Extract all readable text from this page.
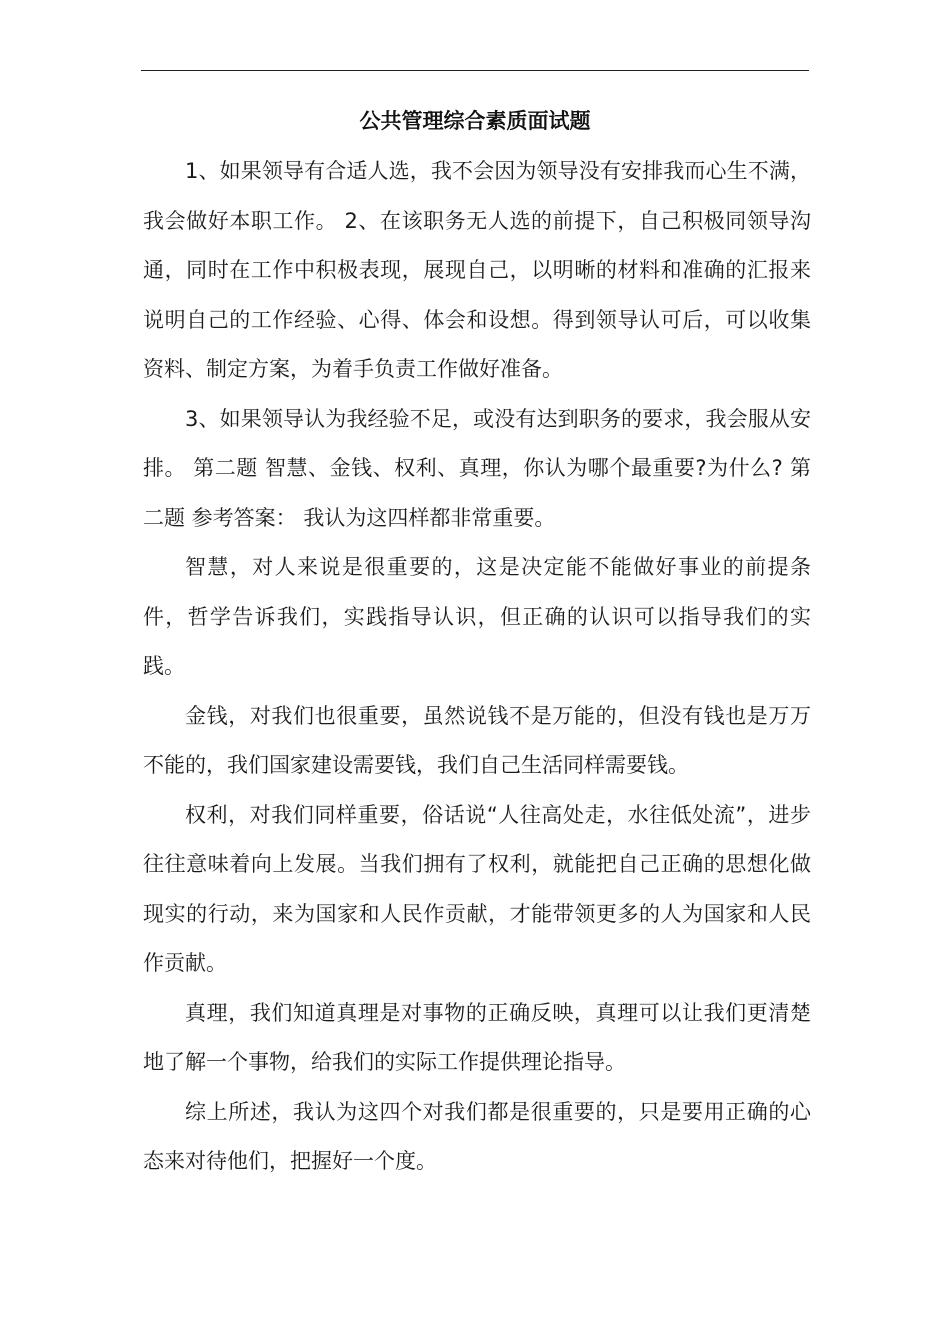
公共管理综合素质面试题

1、如果领导有合适人选，我不会因为领导没有安排我而心生不满，我会做好本职工作。 2、在该职务无人选的前提下，自己积极同领导沟通，同时在工作中积极表现，展现自己，以明晰的材料和准确的汇报来说明自己的工作经验、心得、体会和设想。得到领导认可后，可以收集资料、制定方案，为着手负责工作做好准备。

3、如果领导认为我经验不足，或没有达到职务的要求，我会服从安排。 第二题 智慧、金钱、权利、真理，你认为哪个最重要?为什么? 第二题 参考答案： 我认为这四样都非常重要。

智慧，对人来说是很重要的，这是决定能不能做好事业的前提条件，哲学告诉我们，实践指导认识，但正确的认识可以指导我们的实践。

金钱，对我们也很重要，虽然说钱不是万能的，但没有钱也是万万不能的，我们国家建设需要钱，我们自己生活同样需要钱。

权利，对我们同样重要，俗话说“人往高处走，水往低处流”，进步往往意味着向上发展。当我们拥有了权利，就能把自己正确的思想化做现实的行动，来为国家和人民作贡献，才能带领更多的人为国家和人民作贡献。

真理，我们知道真理是对事物的正确反映，真理可以让我们更清楚地了解一个事物，给我们的实际工作提供理论指导。

综上所述，我认为这四个对我们都是很重要的，只是要用正确的心态来对待他们，把握好一个度。
